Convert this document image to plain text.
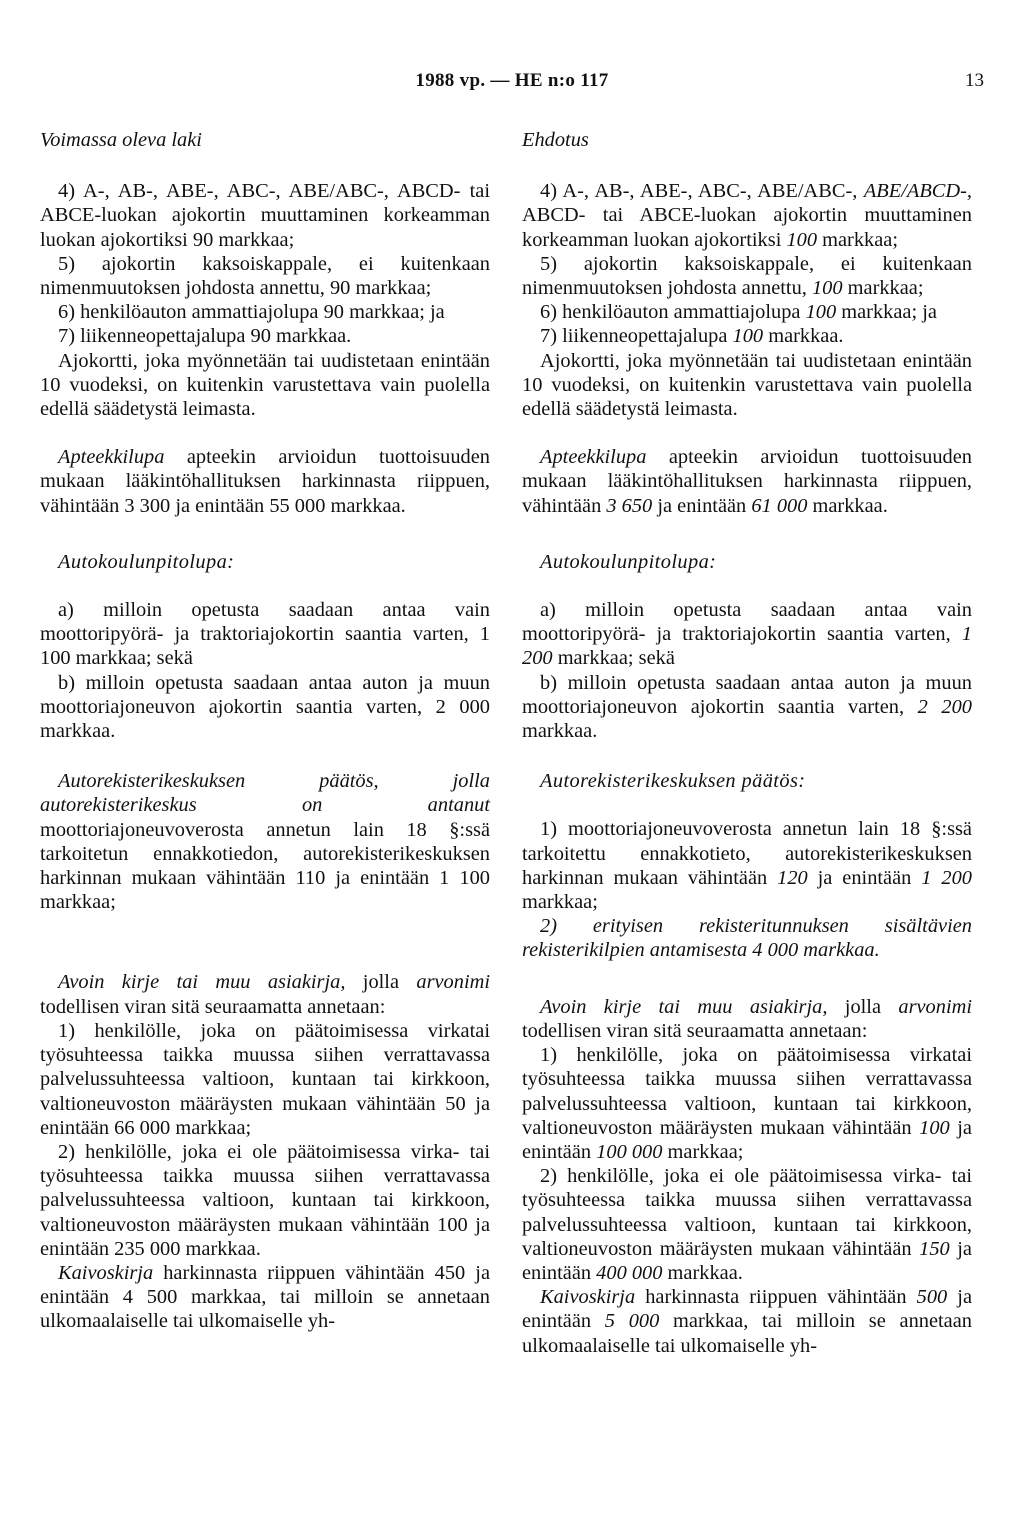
1988 vp. — HE n:o 117	13
Voimassa oleva laki

4) A-, AB-, ABE-, ABC-, ABE/ABC-, ABCD- tai ABCE-luokan ajokortin muuttaminen korkeamman luokan ajokortiksi 90 markkaa;

5) ajokortin kaksoiskappale, ei kuitenkaan nimenmuutoksen johdosta annettu, 90 markkaa;

6) henkilöauton ammattiajolupa 90 markkaa; ja

7) liikenneopettajalupa 90 markkaa.

Ajokortti, joka myönnetään tai uudistetaan enintään 10 vuodeksi, on kuitenkin varustettava vain puolella edellä säädetystä leimasta.

Apteekkilupa apteekin arvioidun tuottoisuuden mukaan lääkintöhallituksen harkinnasta riippuen, vähintään 3 300 ja enintään 55 000 markkaa.

Autokoulunpitolupa:

a) milloin opetusta saadaan antaa vain moottoripyörä- ja traktoriajokortin saantia varten, 1 100 markkaa; sekä

b) milloin opetusta saadaan antaa auton ja muun moottoriajoneuvon ajokortin saantia varten, 2 000 markkaa.

Autorekisterikeskuksen päätös, jolla autorekisterikeskus on antanut moottoriajoneuvoverosta annetun lain 18 §:ssä tarkoitetun ennakkotiedon, autorekisterikeskuksen harkinnan mukaan vähintään 110 ja enintään 1 100 markkaa;

Avoin kirje tai muu asiakirja, jolla arvonimi todellisen viran sitä seuraamatta annetaan:

1) henkilölle, joka on päätoimisessa virkatai työsuhteessa taikka muussa siihen verrattavassa palvelussuhteessa valtioon, kuntaan tai kirkkoon, valtioneuvoston määräysten mukaan vähintään 50 ja enintään 66 000 markkaa;

2) henkilölle, joka ei ole päätoimisessa virka- tai työsuhteessa taikka muussa siihen verrattavassa palvelussuhteessa valtioon, kuntaan tai kirkkoon, valtioneuvoston määräysten mukaan vähintään 100 ja enintään 235 000 markkaa.

Kaivoskirja harkinnasta riippuen vähintään 450 ja enintään 4 500 markkaa, tai milloin se annetaan ulkomaalaiselle tai ulkomaiselle yh-

Ehdotus

4) A-, AB-, ABE-, ABC-, ABE/ABC-, ABE/ABCD-, ABCD- tai ABCE-luokan ajokortin muuttaminen korkeamman luokan ajokortiksi 100 markkaa;

5) ajokortin kaksoiskappale, ei kuitenkaan nimenmuutoksen johdosta annettu, 100 markkaa;

6) henkilöauton ammattiajolupa 100 markkaa; ja

7) liikenneopettajalupa 100 markkaa.

Ajokortti, joka myönnetään tai uudistetaan enintään 10 vuodeksi, on kuitenkin varustettava vain puolella edellä säädetystä leimasta.

Apteekkilupa apteekin arvioidun tuottoisuuden mukaan lääkintöhallituksen harkinnasta riippuen, vähintään 3 650 ja enintään 61 000 markkaa.

Autokoulunpitolupa:

a) milloin opetusta saadaan antaa vain moottoripyörä- ja traktoriajokortin saantia varten, 1 200 markkaa; sekä

b) milloin opetusta saadaan antaa auton ja muun moottoriajoneuvon ajokortin saantia varten, 2 200 markkaa.

Autorekisterikeskuksen päätös:

1) moottoriajoneuvoverosta annetun lain 18 §:ssä tarkoitettu ennakkotieto, autorekisterikeskuksen harkinnan mukaan vähintään 120 ja enintään 1 200 markkaa;

2) erityisen rekisteritunnuksen sisältävien rekisterikilpien antamisesta 4 000 markkaa.

Avoin kirje tai muu asiakirja, jolla arvonimi todellisen viran sitä seuraamatta annetaan:

1) henkilölle, joka on päätoimisessa virkatai työsuhteessa taikka muussa siihen verrattavassa palvelussuhteessa valtioon, kuntaan tai kirkkoon, valtioneuvoston määräysten mukaan vähintään 100 ja enintään 100 000 markkaa;

2) henkilölle, joka ei ole päätoimisessa virka- tai työsuhteessa taikka muussa siihen verrattavassa palvelussuhteessa valtioon, kuntaan tai kirkkoon, valtioneuvoston määräysten mukaan vähintään 150 ja enintään 400 000 markkaa.

Kaivoskirja harkinnasta riippuen vähintään 500 ja enintään 5 000 markkaa, tai milloin se annetaan ulkomaalaiselle tai ulkomaiselle yh-
